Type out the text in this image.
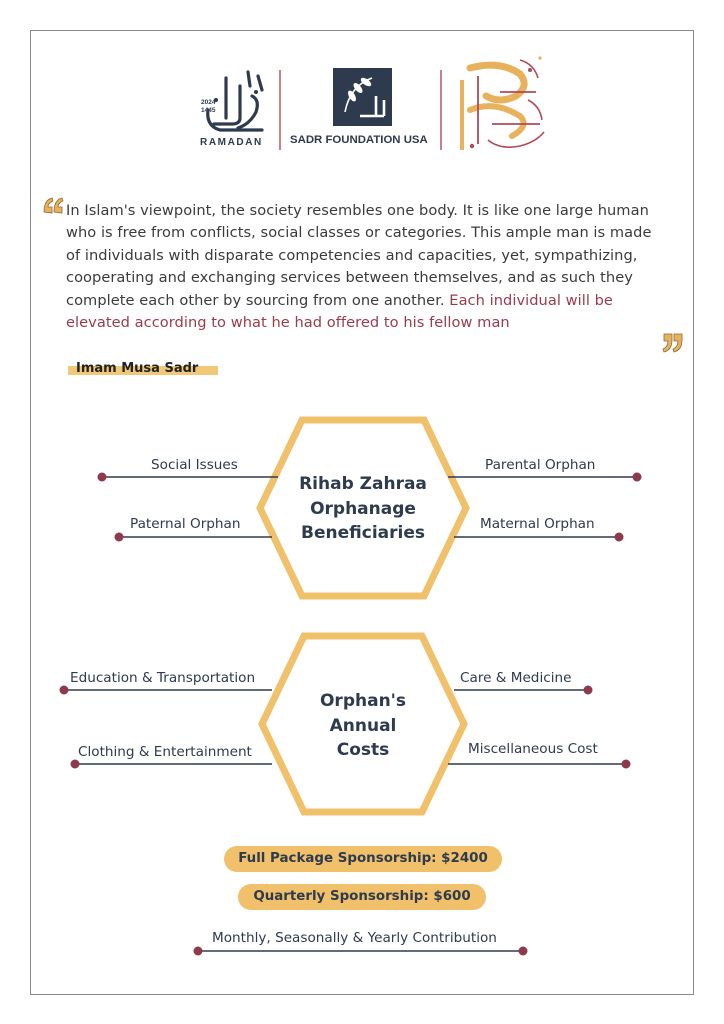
2024
1445
RAMADAN SADR FOUNDATION USA
In Islam's viewpoint, the society resembles one body. It is like one large human who is free from conflicts, social classes or categories. This ample man is made of individuals with disparate competencies and capacities, yet, sympathizing, cooperating and exchanging services between themselves, and as such they complete each other by sourcing from one another. Each individual will be elevated according to what he had offered to his fellow man
Imam Musa Sadr
Rihab Zahraa
Orphanage
Beneficiaries
Social Issues	Parental Orphan
Paternal Orphan	Maternal Orphan
Orphan's
Annual
Costs
Education & Transportation	Care & Medicine
Clothing & Entertainment	Miscellaneous Cost
Full Package Sponsorship: $2400
Quarterly Sponsorship: $600
Monthly, Seasonally & Yearly Contribution
